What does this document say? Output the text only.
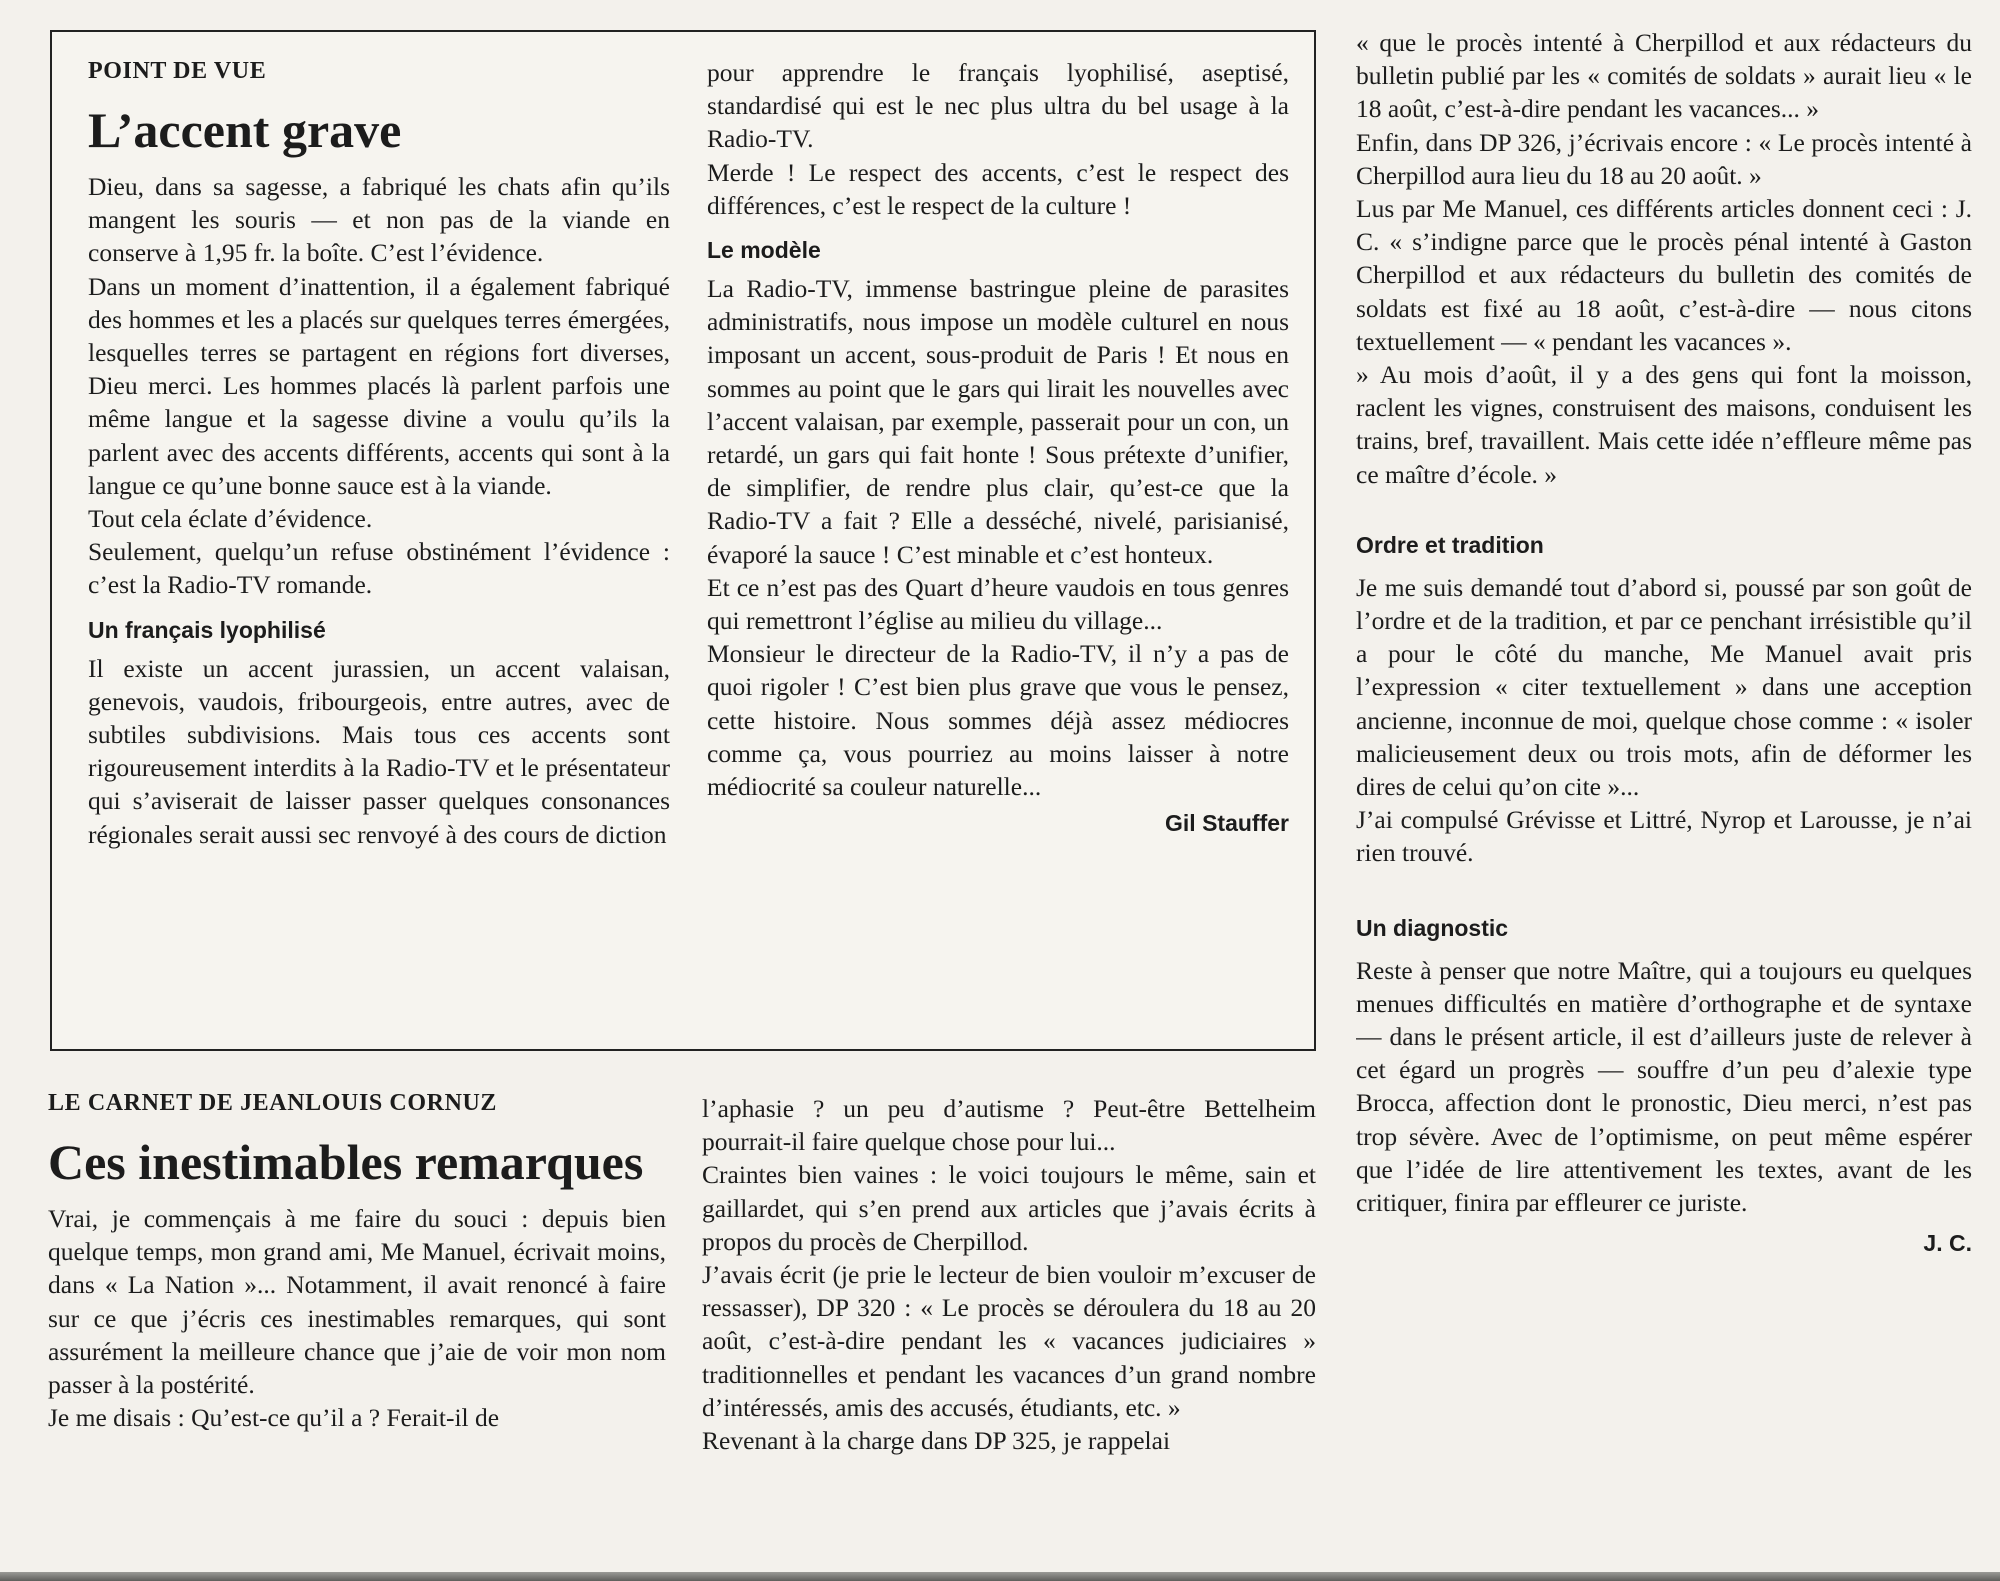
POINT DE VUE

L’accent grave

Dieu, dans sa sagesse, a fabriqué les chats afin qu’ils mangent les souris — et non pas de la viande en conserve à 1,95 fr. la boîte. C’est l’évidence.

Dans un moment d’inattention, il a également fabriqué des hommes et les a placés sur quelques terres émergées, lesquelles terres se partagent en régions fort diverses, Dieu merci. Les hommes placés là parlent parfois une même langue et la sagesse divine a voulu qu’ils la parlent avec des accents différents, accents qui sont à la langue ce qu’une bonne sauce est à la viande.

Tout cela éclate d’évidence.

Seulement, quelqu’un refuse obstinément l’évidence : c’est la Radio-TV romande.

Un français lyophilisé

Il existe un accent jurassien, un accent valaisan, genevois, vaudois, fribourgeois, entre autres, avec de subtiles subdivisions. Mais tous ces accents sont rigoureusement interdits à la Radio-TV et le présentateur qui s’aviserait de laisser passer quelques consonances régionales serait aussi sec renvoyé à des cours de diction

pour apprendre le français lyophilisé, aseptisé, standardisé qui est le nec plus ultra du bel usage à la Radio-TV.

Merde ! Le respect des accents, c’est le respect des différences, c’est le respect de la culture !

Le modèle

La Radio-TV, immense bastringue pleine de parasites administratifs, nous impose un modèle culturel en nous imposant un accent, sous-produit de Paris ! Et nous en sommes au point que le gars qui lirait les nouvelles avec l’accent valaisan, par exemple, passerait pour un con, un retardé, un gars qui fait honte ! Sous prétexte d’unifier, de simplifier, de rendre plus clair, qu’est-ce que la Radio-TV a fait ? Elle a desséché, nivelé, parisianisé, évaporé la sauce ! C’est minable et c’est honteux.

Et ce n’est pas des Quart d’heure vaudois en tous genres qui remettront l’église au milieu du village...

Monsieur le directeur de la Radio-TV, il n’y a pas de quoi rigoler ! C’est bien plus grave que vous le pensez, cette histoire. Nous sommes déjà assez médiocres comme ça, vous pourriez au moins laisser à notre médiocrité sa couleur naturelle...

Gil Stauffer

LE CARNET DE JEANLOUIS CORNUZ

Ces inestimables remarques

Vrai, je commençais à me faire du souci : depuis bien quelque temps, mon grand ami, Me Manuel, écrivait moins, dans « La Nation »... Notamment, il avait renoncé à faire sur ce que j’écris ces inestimables remarques, qui sont assurément la meilleure chance que j’aie de voir mon nom passer à la postérité.

Je me disais : Qu’est-ce qu’il a ? Ferait-il de

l’aphasie ? un peu d’autisme ? Peut-être Bettelheim pourrait-il faire quelque chose pour lui...

Craintes bien vaines : le voici toujours le même, sain et gaillardet, qui s’en prend aux articles que j’avais écrits à propos du procès de Cherpillod.

J’avais écrit (je prie le lecteur de bien vouloir m’excuser de ressasser), DP 320 : « Le procès se déroulera du 18 au 20 août, c’est-à-dire pendant les « vacances judiciaires » traditionnelles et pendant les vacances d’un grand nombre d’intéressés, amis des accusés, étudiants, etc. »

Revenant à la charge dans DP 325, je rappelai

« que le procès intenté à Cherpillod et aux rédacteurs du bulletin publié par les « comités de soldats » aurait lieu « le 18 août, c’est-à-dire pendant les vacances... »

Enfin, dans DP 326, j’écrivais encore : « Le procès intenté à Cherpillod aura lieu du 18 au 20 août. »

Lus par Me Manuel, ces différents articles donnent ceci : J. C. « s’indigne parce que le procès pénal intenté à Gaston Cherpillod et aux rédacteurs du bulletin des comités de soldats est fixé au 18 août, c’est-à-dire — nous citons textuellement — « pendant les vacances ».

» Au mois d’août, il y a des gens qui font la moisson, raclent les vignes, construisent des maisons, conduisent les trains, bref, travaillent. Mais cette idée n’effleure même pas ce maître d’école. »

Ordre et tradition

Je me suis demandé tout d’abord si, poussé par son goût de l’ordre et de la tradition, et par ce penchant irrésistible qu’il a pour le côté du manche, Me Manuel avait pris l’expression « citer textuellement » dans une acception ancienne, inconnue de moi, quelque chose comme : « isoler malicieusement deux ou trois mots, afin de déformer les dires de celui qu’on cite »...

J’ai compulsé Grévisse et Littré, Nyrop et Larousse, je n’ai rien trouvé.

Un diagnostic

Reste à penser que notre Maître, qui a toujours eu quelques menues difficultés en matière d’orthographe et de syntaxe — dans le présent article, il est d’ailleurs juste de relever à cet égard un progrès — souffre d’un peu d’alexie type Brocca, affection dont le pronostic, Dieu merci, n’est pas trop sévère. Avec de l’optimisme, on peut même espérer que l’idée de lire attentivement les textes, avant de les critiquer, finira par effleurer ce juriste.

J. C.
